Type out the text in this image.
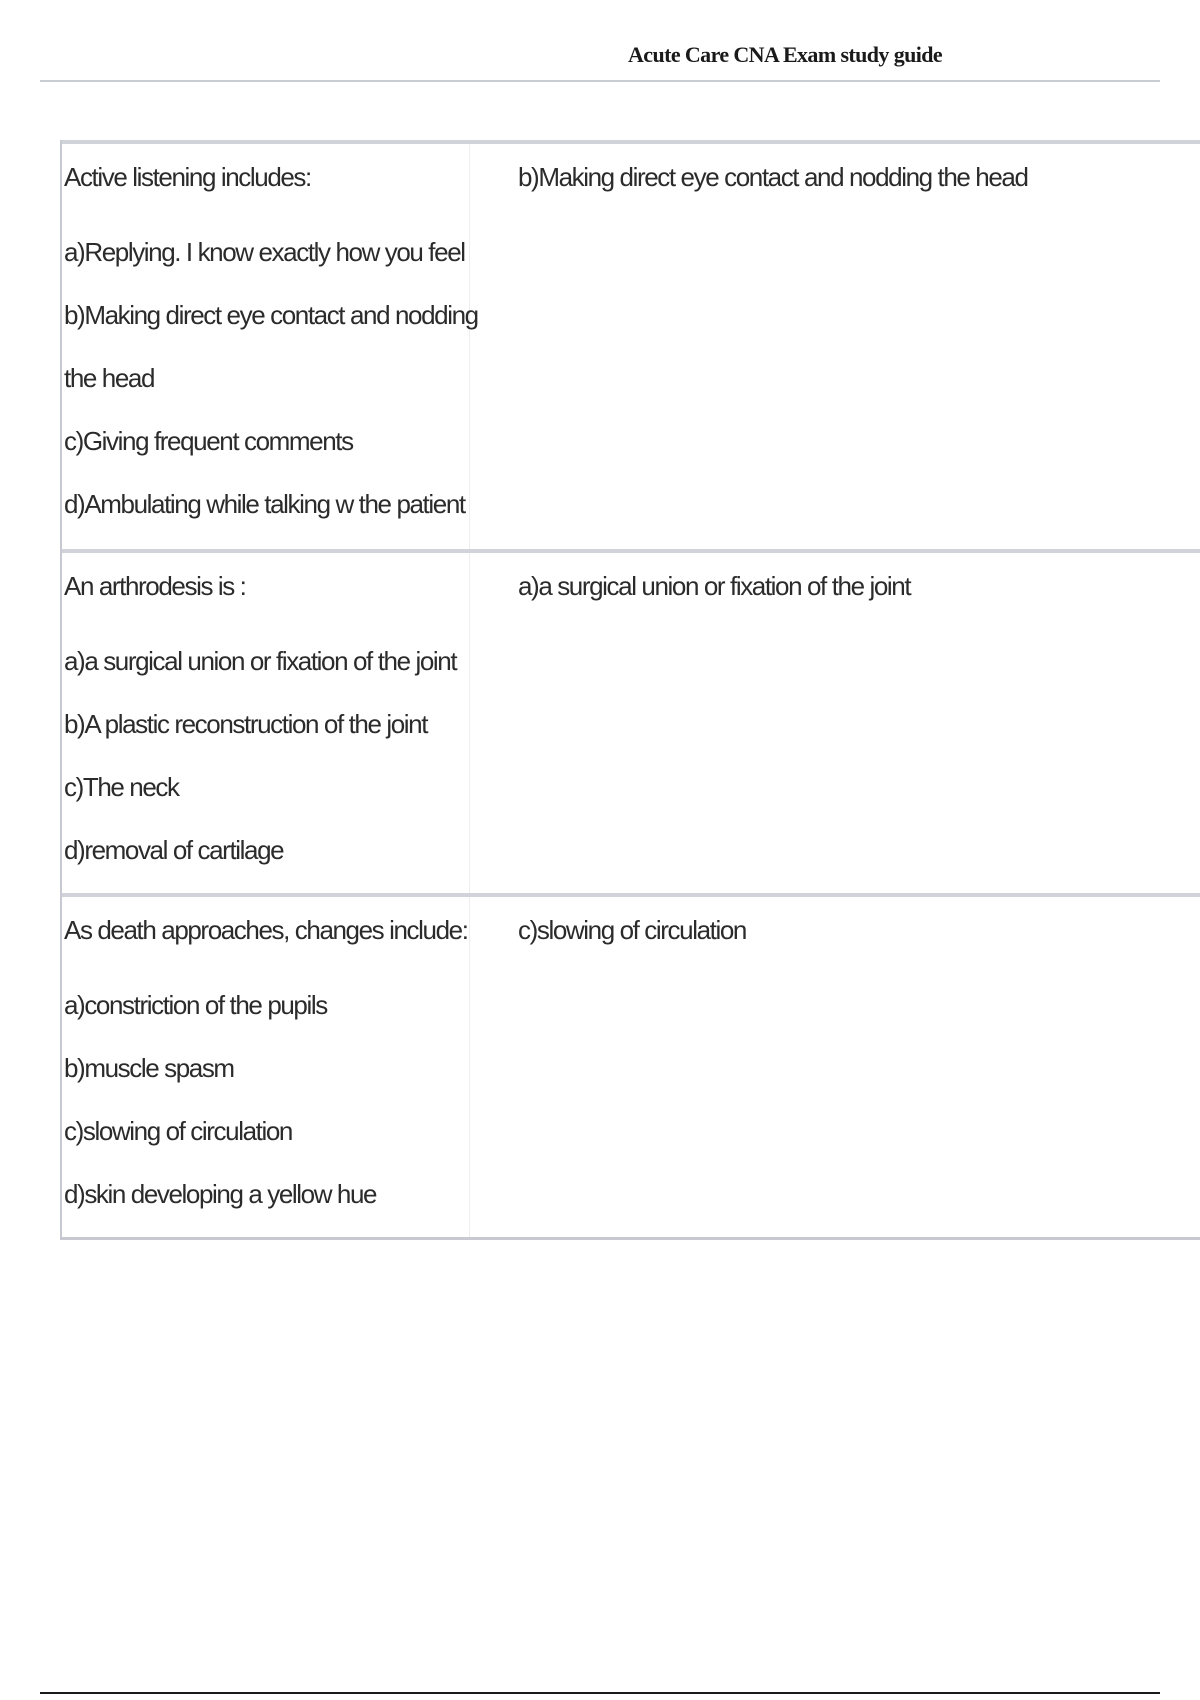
Acute Care CNA Exam study guide
Active listening includes:
a)Replying. I know exactly how you feel
b)Making direct eye contact and nodding
the head
c)Giving frequent comments
d)Ambulating while talking w the patient
b)Making direct eye contact and nodding the head
An arthrodesis is :
a)a surgical union or fixation of the joint
b)A plastic reconstruction of the joint
c)The neck
d)removal of cartilage
a)a surgical union or fixation of the joint
As death approaches, changes include:
a)constriction of the pupils
b)muscle spasm
c)slowing of circulation
d)skin developing a yellow hue
c)slowing of circulation
